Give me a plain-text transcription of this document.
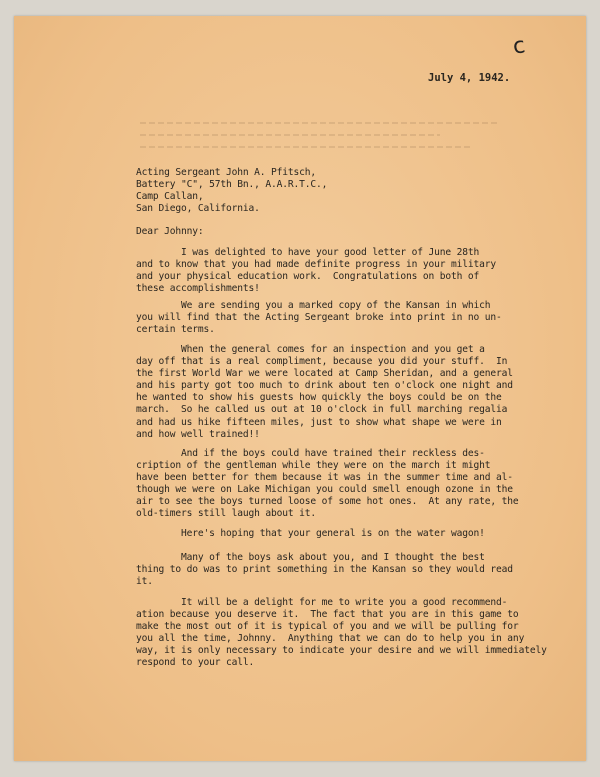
c
July 4, 1942.
Acting Sergeant John A. Pfitsch,
Battery "C", 57th Bn., A.A.R.T.C.,
Camp Callan,
San Diego, California.
Dear Johnny:
I was delighted to have your good letter of June 28th
and to know that you had made definite progress in your military
and your physical education work.  Congratulations on both of
these accomplishments!
We are sending you a marked copy of the Kansan in which
you will find that the Acting Sergeant broke into print in no un-
certain terms.
When the general comes for an inspection and you get a
day off that is a real compliment, because you did your stuff.  In
the first World War we were located at Camp Sheridan, and a general
and his party got too much to drink about ten o'clock one night and
he wanted to show his guests how quickly the boys could be on the
march.  So he called us out at 10 o'clock in full marching regalia
and had us hike fifteen miles, just to show what shape we were in
and how well trained!!
And if the boys could have trained their reckless des-
cription of the gentleman while they were on the march it might
have been better for them because it was in the summer time and al-
though we were on Lake Michigan you could smell enough ozone in the
air to see the boys turned loose of some hot ones.  At any rate, the
old-timers still laugh about it.
Here's hoping that your general is on the water wagon!
Many of the boys ask about you, and I thought the best
thing to do was to print something in the Kansan so they would read
it.
It will be a delight for me to write you a good recommend-
ation because you deserve it.  The fact that you are in this game to
make the most out of it is typical of you and we will be pulling for
you all the time, Johnny.  Anything that we can do to help you in any
way, it is only necessary to indicate your desire and we will immediately
respond to your call.
